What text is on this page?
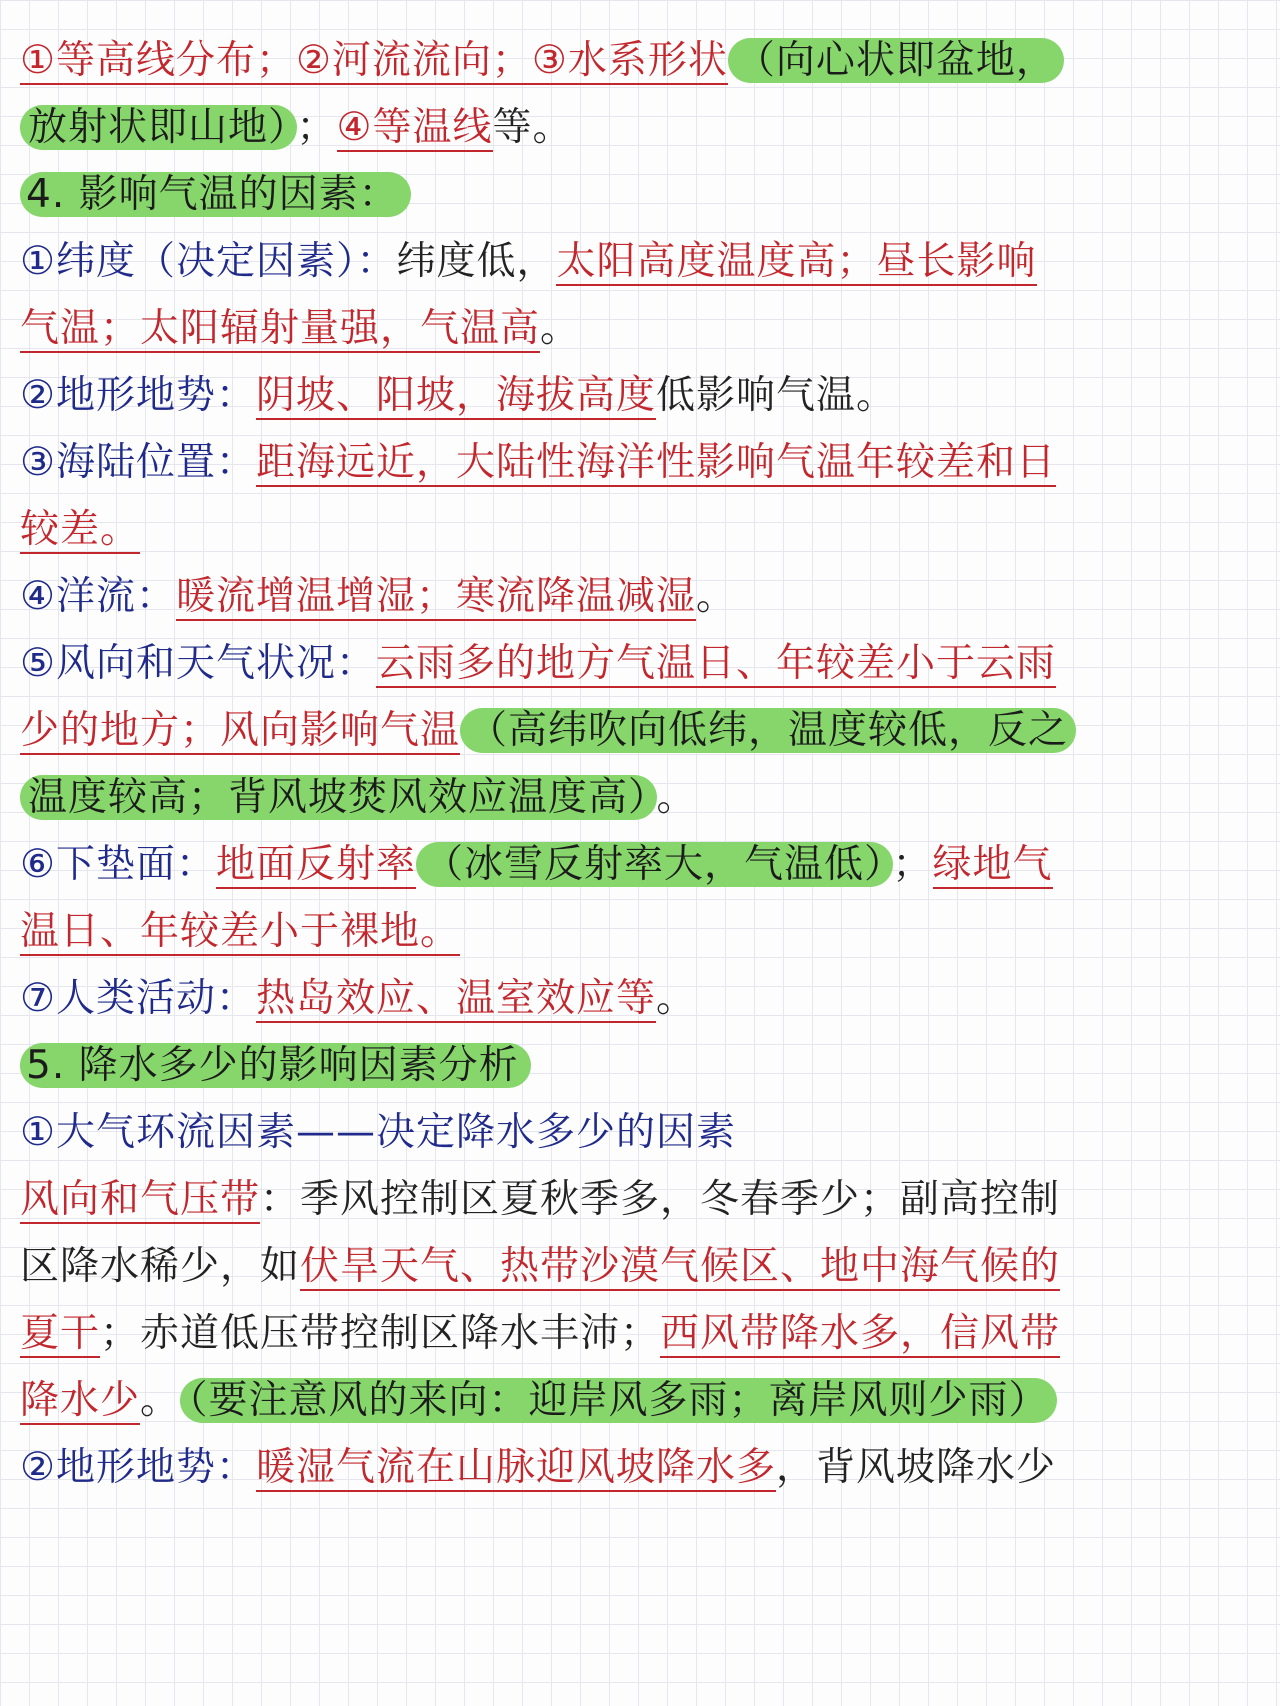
①等高线分布；②河流流向；③水系形状 （向心状即盆地，
放射状即山地） ；④等温线等。
4. 影响气温的因素：
①纬度（决定因素）：纬度低，太阳高度温度高；昼长影响
气温；太阳辐射量强，气温高。
②地形地势：阴坡、阳坡，海拔高度低影响气温。
③海陆位置：距海远近，大陆性海洋性影响气温年较差和日
较差。
④洋流：暖流增温增湿；寒流降温减湿。
⑤风向和天气状况：云雨多的地方气温日、年较差小于云雨
少的地方；风向影响气温 （高纬吹向低纬，温度较低，反之
温度较高；背风坡焚风效应温度高） 。
⑥下垫面：地面反射率 （冰雪反射率大，气温低） ；绿地气
温日、年较差小于裸地。
⑦人类活动：热岛效应、温室效应等。
5. 降水多少的影响因素分析
①大气环流因素——决定降水多少的因素
风向和气压带：季风控制区夏秋季多，冬春季少；副高控制
区降水稀少，如伏旱天气、热带沙漠气候区、地中海气候的
夏干；赤道低压带控制区降水丰沛；西风带降水多，信风带
降水少。 （要注意风的来向：迎岸风多雨；离岸风则少雨）
②地形地势：暖湿气流在山脉迎风坡降水多，背风坡降水少
